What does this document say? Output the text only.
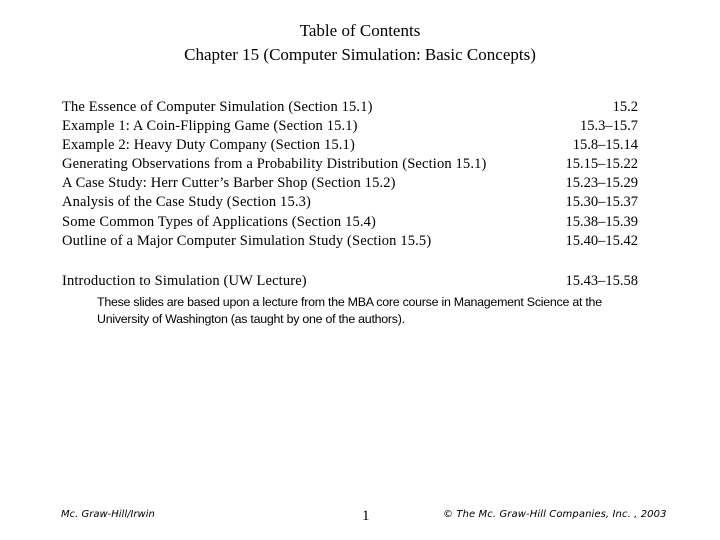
Table of Contents
Chapter 15 (Computer Simulation: Basic Concepts)
The Essence of Computer Simulation (Section 15.1)	15.2
Example 1: A Coin-Flipping Game (Section 15.1)	15.3–15.7
Example 2: Heavy Duty Company (Section 15.1)	15.8–15.14
Generating Observations from a Probability Distribution (Section 15.1)	15.15–15.22
A Case Study: Herr Cutter’s Barber Shop (Section 15.2)	15.23–15.29
Analysis of the Case Study (Section 15.3)	15.30–15.37
Some Common Types of Applications (Section 15.4)	15.38–15.39
Outline of a Major Computer Simulation Study (Section 15.5)	15.40–15.42
Introduction to Simulation (UW Lecture)	15.43–15.58
These slides are based upon a lecture from the MBA core course in Management Science at the University of Washington (as taught by one of the authors).
Mc. Graw-Hill/Irwin	1	© The Mc. Graw-Hill Companies, Inc. , 2003
